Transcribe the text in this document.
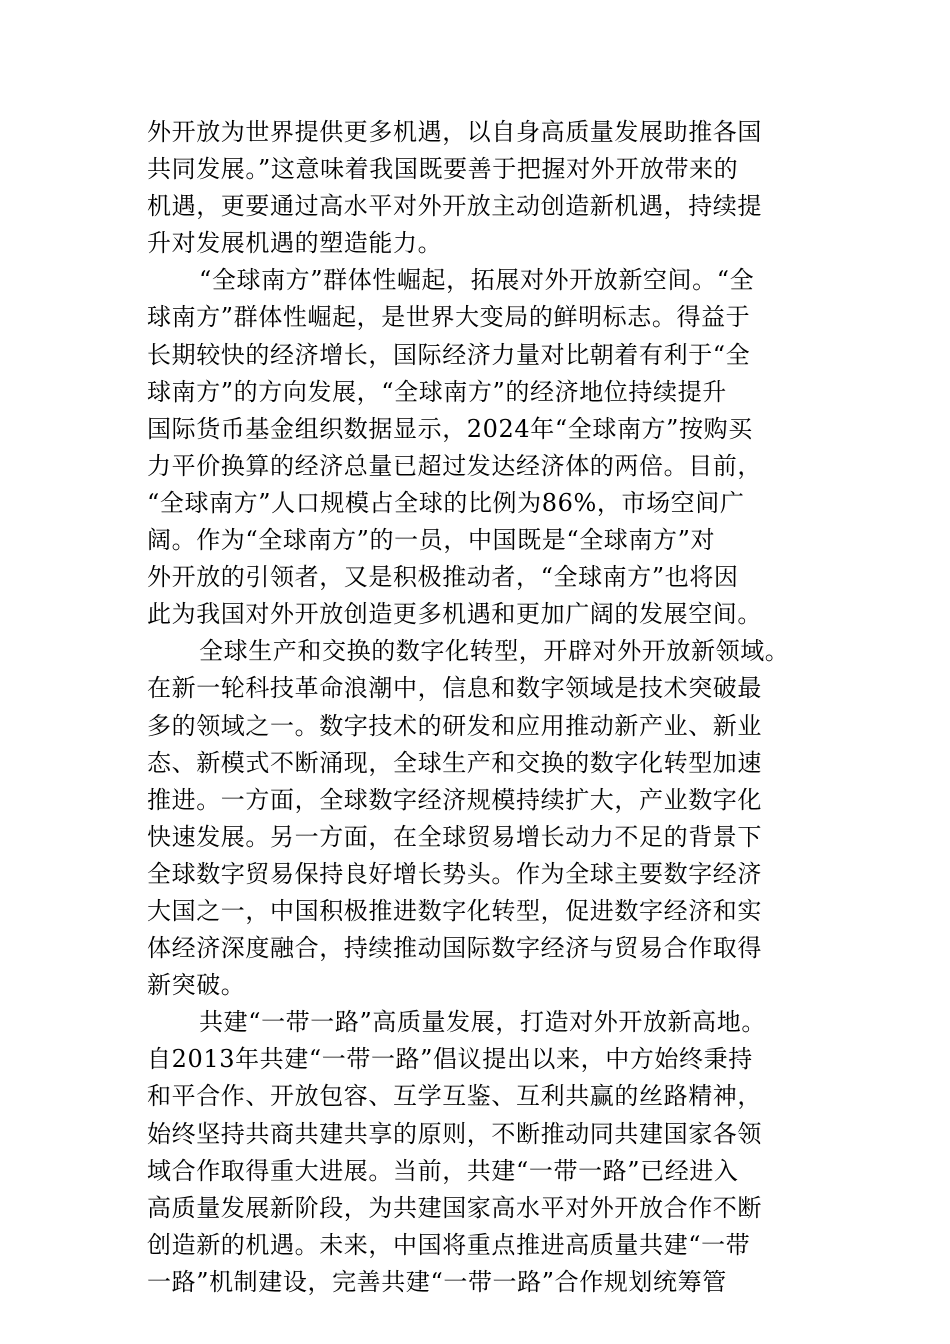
外开放为世界提供更多机遇，以自身高质量发展助推各国
共同发展。”这意味着我国既要善于把握对外开放带来的
机遇，更要通过高水平对外开放主动创造新机遇，持续提
升对发展机遇的塑造能力。
“全球南方”群体性崛起，拓展对外开放新空间。“全
球南方”群体性崛起，是世界大变局的鲜明标志。得益于
长期较快的经济增长，国际经济力量对比朝着有利于“全
球南方”的方向发展，“全球南方”的经济地位持续提升
国际货币基金组织数据显示，2024年“全球南方”按购买
力平价换算的经济总量已超过发达经济体的两倍。目前，
“全球南方”人口规模占全球的比例为86%，市场空间广
阔。作为“全球南方”的一员，中国既是“全球南方”对
外开放的引领者，又是积极推动者，“全球南方”也将因
此为我国对外开放创造更多机遇和更加广阔的发展空间。
全球生产和交换的数字化转型，开辟对外开放新领域。
在新一轮科技革命浪潮中，信息和数字领域是技术突破最
多的领域之一。数字技术的研发和应用推动新产业、新业
态、新模式不断涌现，全球生产和交换的数字化转型加速
推进。一方面，全球数字经济规模持续扩大，产业数字化
快速发展。另一方面，在全球贸易增长动力不足的背景下
全球数字贸易保持良好增长势头。作为全球主要数字经济
大国之一，中国积极推进数字化转型，促进数字经济和实
体经济深度融合，持续推动国际数字经济与贸易合作取得
新突破。
共建“一带一路”高质量发展，打造对外开放新高地。
自2013年共建“一带一路”倡议提出以来，中方始终秉持
和平合作、开放包容、互学互鉴、互利共赢的丝路精神，
始终坚持共商共建共享的原则，不断推动同共建国家各领
域合作取得重大进展。当前，共建“一带一路”已经进入
高质量发展新阶段，为共建国家高水平对外开放合作不断
创造新的机遇。未来，中国将重点推进高质量共建“一带
一路”机制建设，完善共建“一带一路”合作规划统筹管
